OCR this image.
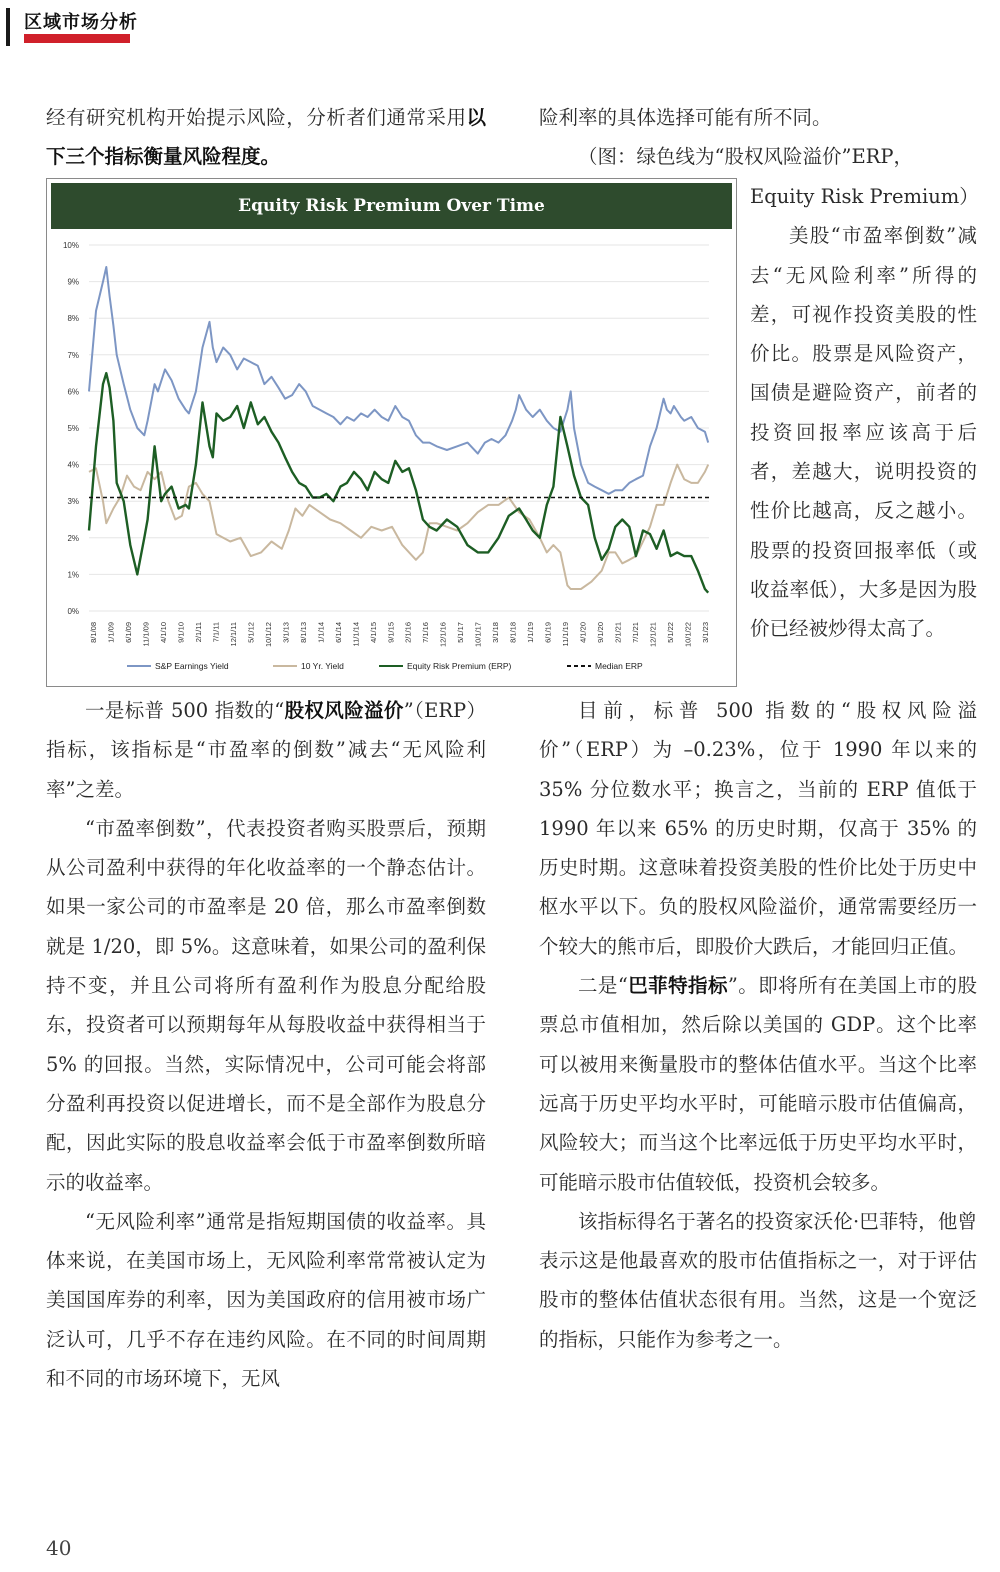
区域市场分析

经有研究机构开始提示风险，分析者们通常采用以下三个指标衡量风险程度。

一是标普 500 指数的“股权风险溢价”（ERP）指标，该指标是“市盈率的倒数”减去“无风险利率”之差。

“市盈率倒数”，代表投资者购买股票后，预期从公司盈利中获得的年化收益率的一个静态估计。如果一家公司的市盈率是 20 倍，那么市盈率倒数就是 1/20，即 5%。这意味着，如果公司的盈利保持不变，并且公司将所有盈利作为股息分配给股东，投资者可以预期每年从每股收益中获得相当于 5% 的回报。当然，实际情况中，公司可能会将部分盈利再投资以促进增长，而不是全部作为股息分配，因此实际的股息收益率会低于市盈率倒数所暗示的收益率。

“无风险利率”通常是指短期国债的收益率。具体来说，在美国市场上，无风险利率常常被认定为美国国库券的利率，因为美国政府的信用被市场广泛认可，几乎不存在违约风险。在不同的时间周期和不同的市场环境下，无风

险利率的具体选择可能有所不同。

（图：绿色线为“股权风险溢价”ERP，

Equity Risk Premium）

美股“市盈率倒数”减去“无风险利率”所得的差，可视作投资美股的性价比。股票是风险资产，国债是避险资产，前者的投资回报率应该高于后者，差越大，说明投资的性价比越高，反之越小。股票的投资回报率低（或收益率低），大多是因为股价已经被炒得太高了。

目前，标普 500 指数的“股权风险溢价”（ERP）为 –0.23%，位于 1990 年以来的 35% 分位数水平；换言之，当前的 ERP 值低于 1990 年以来 65% 的历史时期，仅高于 35% 的历史时期。这意味着投资美股的性价比处于历史中枢水平以下。负的股权风险溢价，通常需要经历一个较大的熊市后，即股价大跌后，才能回归正值。

二是“巴菲特指标”。即将所有在美国上市的股票总市值相加，然后除以美国的 GDP。这个比率可以被用来衡量股市的整体估值水平。当这个比率远高于历史平均水平时，可能暗示股市估值偏高，风险较大；而当这个比率远低于历史平均水平时，可能暗示股市估值较低，投资机会较多。

该指标得名于著名的投资家沃伦·巴菲特，他曾表示这是他最喜欢的股市估值指标之一，对于评估股市的整体估值状态很有用。当然，这是一个宽泛的指标，只能作为参考之一。

Equity Risk Premium Over Time
0%
1%
2%
3%
4%
5%
6%
7%
8%
9%
10%
8/1/08 1/1/09 6/1/09 11/1/09 4/1/10 9/1/10 2/1/11 7/1/11 12/1/11 5/1/12 10/1/12 3/1/13 8/1/13 1/1/14 6/1/14 11/1/14 4/1/15 9/1/15 2/1/16 7/1/16 12/1/16 5/1/17 10/1/17 3/1/18 8/1/18 1/1/19 6/1/19 11/1/19 4/1/20 9/1/20 2/1/21 7/1/21 12/1/21 5/1/22 10/1/22 3/1/23
S&P Earnings Yield	10 Yr. Yield	Equity Risk Premium (ERP)	Median ERP
40
